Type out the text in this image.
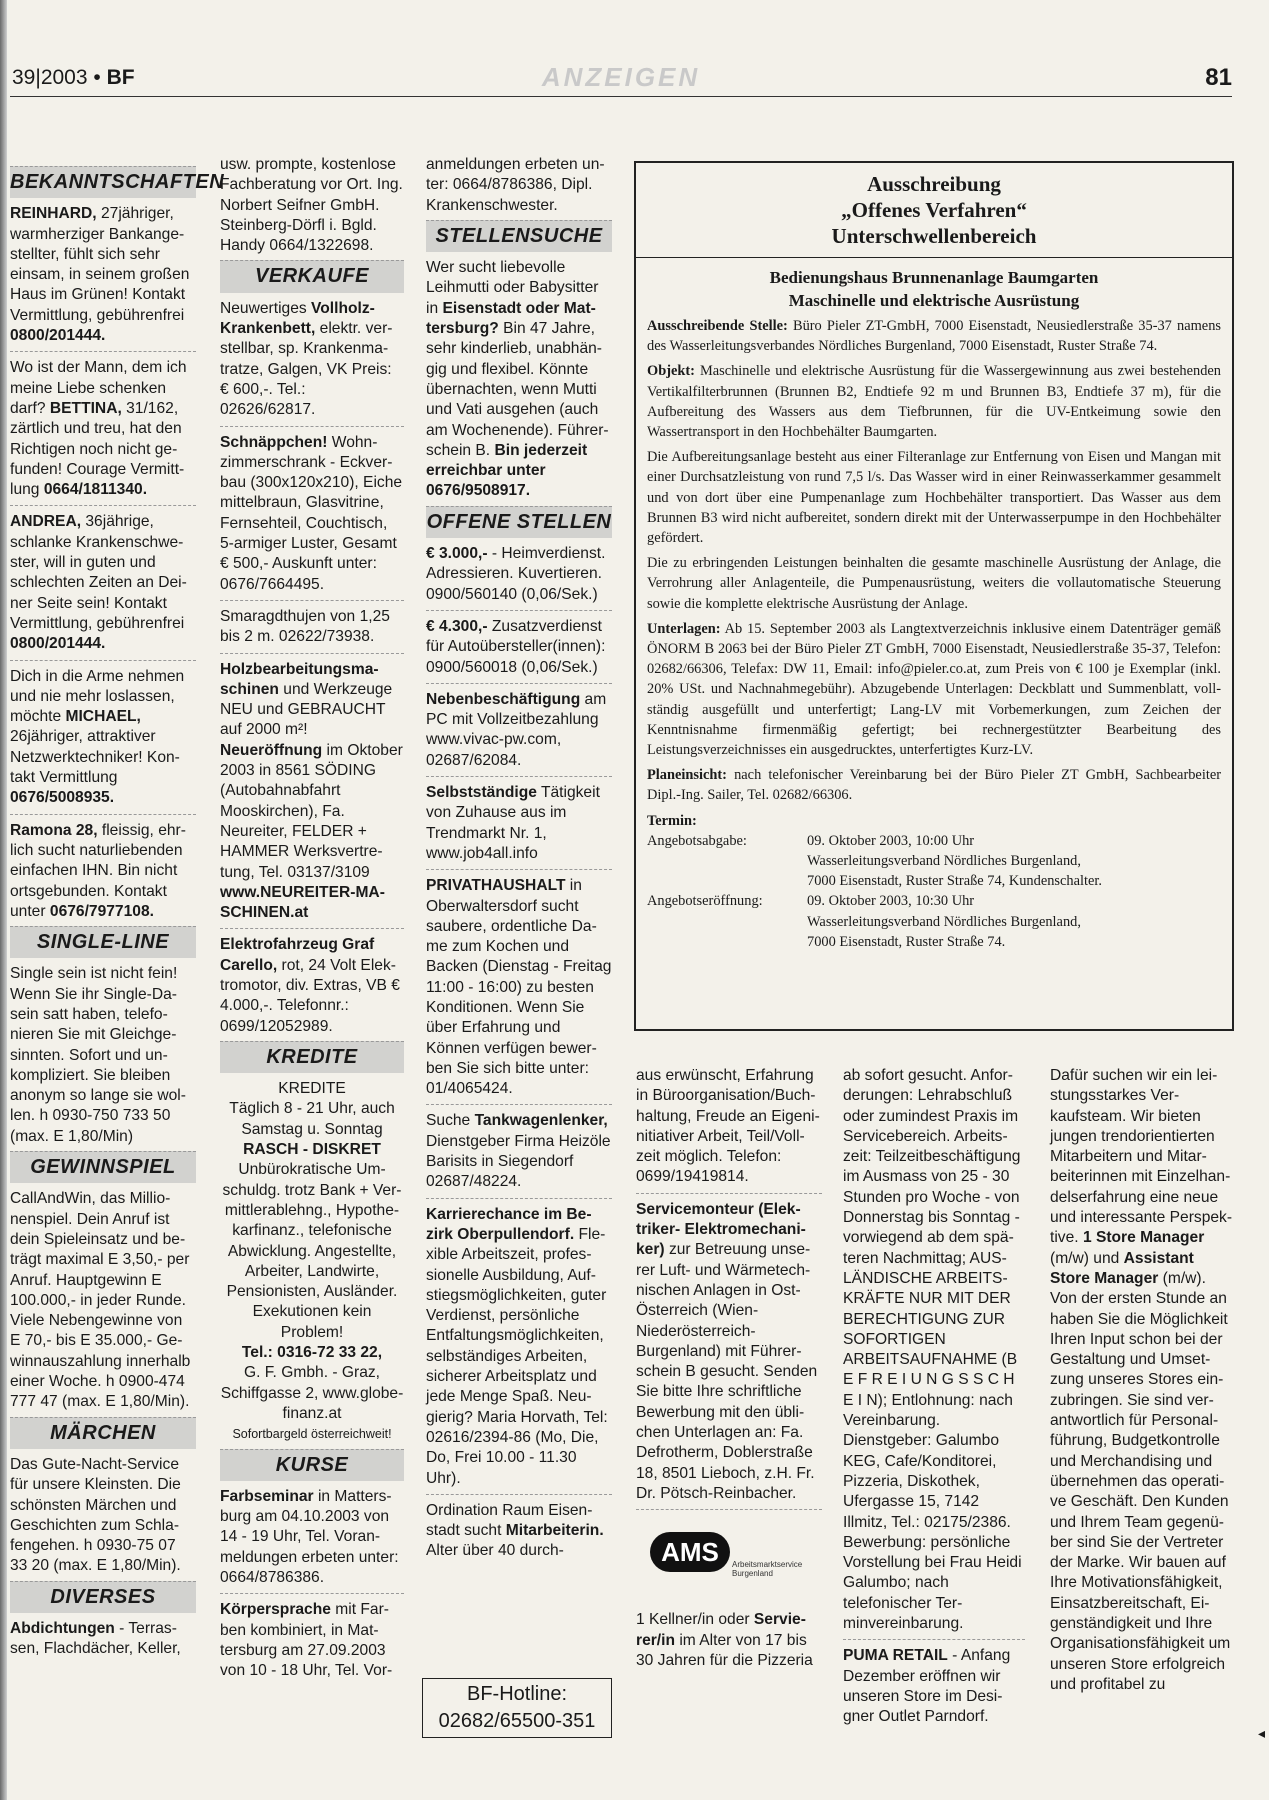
39|2003 • BF	ANZEIGEN	81
BEKANNTSCHAFTEN

REINHARD, 27jähriger, warmherziger Bankangestellter, fühlt sich sehr einsam, in seinem großen Haus im Grünen! Kontakt Vermittlung, gebührenfrei 0800/201444.

Wo ist der Mann, dem ich meine Liebe schenken darf? BETTINA, 31/162, zärtlich und treu, hat den Richtigen noch nicht gefunden! Courage Vermittlung 0664/1811340.

ANDREA, 36jährige, schlanke Krankenschwester, will in guten und schlechten Zeiten an Deiner Seite sein! Kontakt Vermittlung, gebührenfrei 0800/201444.

Dich in die Arme nehmen und nie mehr loslassen, möchte MICHAEL, 26jähriger, attraktiver Netzwerktechniker! Kontakt Vermittlung 0676/5008935.

Ramona 28, fleissig, ehrlich sucht naturliebenden einfachen IHN. Bin nicht ortsgebunden. Kontakt unter 0676/7977108.

SINGLE-LINE

Single sein ist nicht fein! Wenn Sie ihr Single-Dasein satt haben, telefonieren Sie mit Gleichgesinnten. Sofort und unkompliziert. Sie bleiben anonym so lange sie wollen. h 0930-750 733 50 (max. E 1,80/Min)

GEWINNSPIEL

CallAndWin, das Millionenspiel. Dein Anruf ist dein Spieleinsatz und beträgt maximal E 3,50,- per Anruf. Hauptgewinn E 100.000,- in jeder Runde. Viele Nebengewinne von E 70,- bis E 35.000,- Gewinnauszahlung innerhalb einer Woche. h 0900-474 777 47 (max. E 1,80/Min).

MÄRCHEN

Das Gute-Nacht-Service für unsere Kleinsten. Die schönsten Märchen und Geschichten zum Schlafengehen. h 0930-75 07 33 20 (max. E 1,80/Min).

DIVERSES

Abdichtungen - Terrassen, Flachdächer, Keller,

usw. prompte, kostenlose Fachberatung vor Ort. Ing. Norbert Seifner GmbH. Steinberg-Dörfl i. Bgld. Handy 0664/1322698.

VERKAUFE

Neuwertiges Vollholz-Krankenbett, elektr. verstellbar, sp. Krankenmatratze, Galgen, VK Preis: € 600,-. Tel.: 02626/62817.

Schnäppchen! Wohnzimmerschrank - Eckverbau (300x120x210), Eiche mittelbraun, Glasvitrine, Fernsehteil, Couchtisch, 5-armiger Luster, Gesamt € 500,- Auskunft unter: 0676/7664495.

Smaragdthujen von 1,25 bis 2 m. 02622/73938.

Holzbearbeitungsmaschinen und Werkzeuge NEU und GEBRAUCHT auf 2000 m²! Neueröffnung im Oktober 2003 in 8561 SÖDING (Autobahnabfahrt Mooskirchen), Fa. Neureiter, FELDER + HAMMER Werksvertretung, Tel. 03137/3109 www.NEUREITER-MASCHINEN.at

Elektrofahrzeug Graf Carello, rot, 24 Volt Elektromotor, div. Extras, VB € 4.000,-. Telefonnr.: 0699/12052989.

KREDITE
KREDITE
Täglich 8 - 21 Uhr, auch Samstag u. Sonntag
RASCH - DISKRET
Unbürokratische Umschuldg. trotz Bank + Vermittlerablehng., Hypothekarfinanz., telefonische Abwicklung. Angestellte, Arbeiter, Landwirte, Pensionisten, Ausländer. Exekutionen kein Problem!
Tel.: 0316-72 33 22,
G. F. Gmbh. - Graz, Schiffgasse 2, www.globe-finanz.at
Sofortbargeld österreichweit!
KURSE

Farbseminar in Mattersburg am 04.10.2003 von 14 - 19 Uhr, Tel. Voranmeldungen erbeten unter: 0664/8786386.

Körpersprache mit Farben kombiniert, in Mattersburg am 27.09.2003 von 10 - 18 Uhr, Tel. Vor-

anmeldungen erbeten unter: 0664/8786386, Dipl. Krankenschwester.

STELLENSUCHE

Wer sucht liebevolle Leihmutti oder Babysitter in Eisenstadt oder Mattersburg? Bin 47 Jahre, sehr kinderlieb, unabhängig und flexibel. Könnte übernachten, wenn Mutti und Vati ausgehen (auch am Wochenende). Führerschein B. Bin jederzeit erreichbar unter 0676/9508917.

OFFENE STELLEN

€ 3.000,- - Heimverdienst. Adressieren. Kuvertieren. 0900/560140 (0,06/Sek.)

€ 4.300,- Zusatzverdienst für Autoübersteller(innen): 0900/560018 (0,06/Sek.)

Nebenbeschäftigung am PC mit Vollzeitbezahlung www.vivac-pw.com, 02687/62084.

Selbstständige Tätigkeit von Zuhause aus im Trendmarkt Nr. 1, www.job4all.info

PRIVATHAUSHALT in Oberwaltersdorf sucht saubere, ordentliche Dame zum Kochen und Backen (Dienstag - Freitag 11:00 - 16:00) zu besten Konditionen. Wenn Sie über Erfahrung und Können verfügen bewerben Sie sich bitte unter: 01/4065424.

Suche Tankwagenlenker, Dienstgeber Firma Heizöle Barisits in Siegendorf 02687/48224.

Karrierechance im Bezirk Oberpullendorf. Flexible Arbeitszeit, professionelle Ausbildung, Aufstiegsmöglichkeiten, guter Verdienst, persönliche Entfaltungsmöglichkeiten, selbständiges Arbeiten, sicherer Arbeitsplatz und jede Menge Spaß. Neugierig? Maria Horvath, Tel: 02616/2394-86 (Mo, Die, Do, Frei 10.00 - 11.30 Uhr).

Ordination Raum Eisenstadt sucht Mitarbeiterin. Alter über 40 durch-

BF-Hotline:
02682/65500-351

Ausschreibung

„Offenes Verfahren“

Unterschwellenbereich

Bedienungshaus Brunnenanlage Baumgarten
Maschinelle und elektrische Ausrüstung

Ausschreibende Stelle: Büro Pieler ZT-GmbH, 7000 Eisenstadt, Neusiedlerstraße 35-37 namens des Wasserleitungsverbandes Nördliches Burgenland, 7000 Eisenstadt, Ruster Straße 74.

Objekt: Maschinelle und elektrische Ausrüstung für die Wassergewinnung aus zwei bestehenden Vertikalfilterbrunnen (Brunnen B2, Endtiefe 92 m und Brunnen B3, Endtiefe 37 m), für die Aufbereitung des Wassers aus dem Tiefbrunnen, für die UV-Entkeimung sowie den Wassertransport in den Hochbehälter Baumgarten.

Die Aufbereitungsanlage besteht aus einer Filteranlage zur Entfernung von Eisen und Mangan mit einer Durchsatzleistung von rund 7,5 l/s. Das Wasser wird in einer Reinwasserkammer gesammelt und von dort über eine Pumpenanlage zum Hochbehälter transportiert. Das Wasser aus dem Brunnen B3 wird nicht aufbereitet, sondern direkt mit der Unterwasserpumpe in den Hochbehälter gefördert.

Die zu erbringenden Leistungen beinhalten die gesamte maschinelle Ausrüstung der Anlage, die Verrohrung aller Anlagenteile, die Pumpenausrüstung, weiters die vollautomatische Steuerung sowie die komplette elektrische Ausrüstung der Anlage.

Unterlagen: Ab 15. September 2003 als Langtextverzeichnis inklusive einem Datenträger gemäß ÖNORM B 2063 bei der Büro Pieler ZT GmbH, 7000 Eisenstadt, Neusiedlerstraße 35-37, Telefon: 02682/66306, Telefax: DW 11, Email: info@pieler.co.at, zum Preis von € 100 je Exemplar (inkl. 20% USt. und Nachnahmegebühr). Abzugebende Unterlagen: Deckblatt und Summenblatt, vollständig ausgefüllt und unterfertigt; Lang-LV mit Vorbemerkungen, zum Zeichen der Kenntnisnahme firmenmäßig gefertigt; bei rechnergestützter Bearbeitung des Leistungsverzeichnisses ein ausgedrucktes, unterfertigtes Kurz-LV.

Planeinsicht: nach telefonischer Vereinbarung bei der Büro Pieler ZT GmbH, Sachbearbeiter Dipl.-Ing. Sailer, Tel. 02682/66306.

Termin:

Angebotsabgabe:	09. Oktober 2003, 10:00 Uhr
Wasserleitungsverband Nördliches Burgenland,
7000 Eisenstadt, Ruster Straße 74, Kundenschalter.
Angebotseröffnung:	09. Oktober 2003, 10:30 Uhr
Wasserleitungsverband Nördliches Burgenland,
7000 Eisenstadt, Ruster Straße 74.

aus erwünscht, Erfahrung in Büroorganisation/Buchhaltung, Freude an Eigeninitiativer Arbeit, Teil/Vollzeit möglich. Telefon: 0699/19419814.

Servicemonteur (Elektriker- Elektromechaniker) zur Betreuung unserer Luft- und Wärmetechnischen Anlagen in Ost-Österreich (Wien-Niederösterreich-Burgenland) mit Führerschein B gesucht. Senden Sie bitte Ihre schriftliche Bewerbung mit den üblichen Unterlagen an: Fa. Defrotherm, Doblerstraße 18, 8501 Lieboch, z.H. Fr. Dr. Pötsch-Reinbacher.

AMS	Arbeitsmarktservice
Burgenland

1 Kellner/in oder Servierer/in im Alter von 17 bis 30 Jahren für die Pizzeria

ab sofort gesucht. Anforderungen: Lehrabschluß oder zumindest Praxis im Servicebereich. Arbeitszeit: Teilzeitbeschäftigung im Ausmass von 25 - 30 Stunden pro Woche - von Donnerstag bis Sonntag - vorwiegend ab dem späteren Nachmittag; AUSLÄNDISCHE ARBEITSKRÄFTE NUR MIT DER BERECHTIGUNG ZUR SOFORTIGEN ARBEITSAUFNAHME (B E F R E I U N G S S C H E I N); Entlohnung: nach Vereinbarung. Dienstgeber: Galumbo KEG, Cafe/Konditorei, Pizzeria, Diskothek, Ufergasse 15, 7142 Illmitz, Tel.: 02175/2386. Bewerbung: persönliche Vorstellung bei Frau Heidi Galumbo; nach telefonischer Terminvereinbarung.

PUMA RETAIL - Anfang Dezember eröffnen wir unseren Store im Designer Outlet Parndorf.

Dafür suchen wir ein leistungsstarkes Verkaufsteam. Wir bieten jungen trendorientierten Mitarbeitern und Mitarbeiterinnen mit Einzelhandelserfahrung eine neue und interessante Perspektive. 1 Store Manager (m/w) und Assistant Store Manager (m/w). Von der ersten Stunde an haben Sie die Möglichkeit Ihren Input schon bei der Gestaltung und Umsetzung unseres Stores einzubringen. Sie sind verantwortlich für Personalführung, Budgetkontrolle und Merchandising und übernehmen das operative Geschäft. Den Kunden und Ihrem Team gegenüber sind Sie der Vertreter der Marke. Wir bauen auf Ihre Motivationsfähigkeit, Einsatzbereitschaft, Eigenständigkeit und Ihre Organisationsfähigkeit um unseren Store erfolgreich und profitabel zu

◂
